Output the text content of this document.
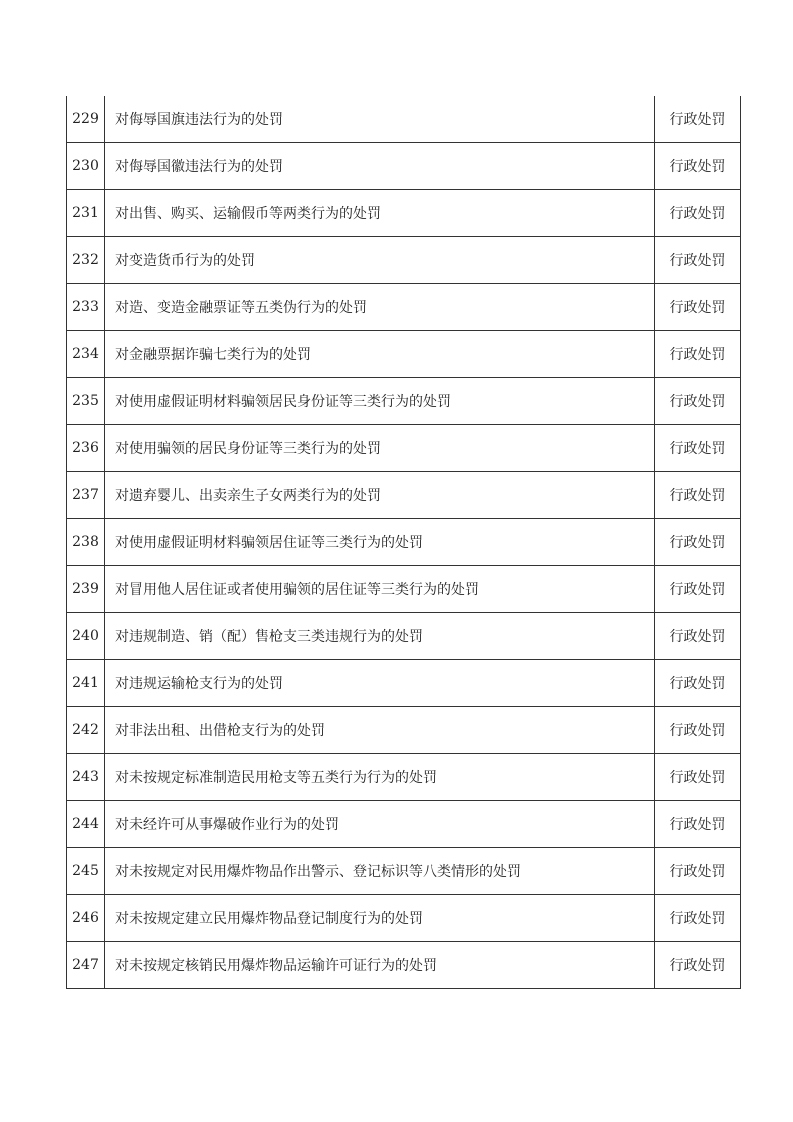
229	对侮辱国旗违法行为的处罚	行政处罚
230	对侮辱国徽违法行为的处罚	行政处罚
231	对出售、购买、运输假币等两类行为的处罚	行政处罚
232	对变造货币行为的处罚	行政处罚
233	对造、变造金融票证等五类伪行为的处罚	行政处罚
234	对金融票据诈骗七类行为的处罚	行政处罚
235	对使用虚假证明材料骗领居民身份证等三类行为的处罚	行政处罚
236	对使用骗领的居民身份证等三类行为的处罚	行政处罚
237	对遗弃婴儿、出卖亲生子女两类行为的处罚	行政处罚
238	对使用虚假证明材料骗领居住证等三类行为的处罚	行政处罚
239	对冒用他人居住证或者使用骗领的居住证等三类行为的处罚	行政处罚
240	对违规制造、销（配）售枪支三类违规行为的处罚	行政处罚
241	对违规运输枪支行为的处罚	行政处罚
242	对非法出租、出借枪支行为的处罚	行政处罚
243	对未按规定标准制造民用枪支等五类行为行为的处罚	行政处罚
244	对未经许可从事爆破作业行为的处罚	行政处罚
245	对未按规定对民用爆炸物品作出警示、登记标识等八类情形的处罚	行政处罚
246	对未按规定建立民用爆炸物品登记制度行为的处罚	行政处罚
247	对未按规定核销民用爆炸物品运输许可证行为的处罚	行政处罚
